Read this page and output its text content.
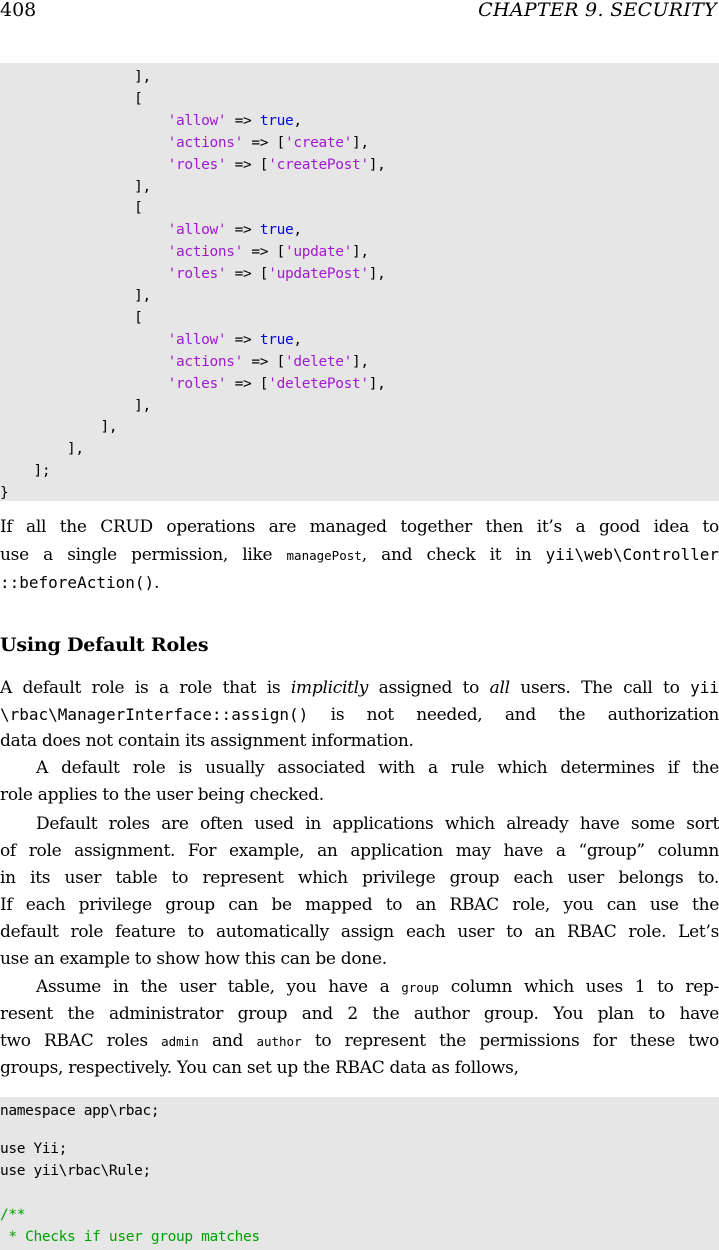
408	CHAPTER 9. SECURITY
],
[
'allow' => true,
'actions' => ['create'],
'roles' => ['createPost'],
],
[
'allow' => true,
'actions' => ['update'],
'roles' => ['updatePost'],
],
[
'allow' => true,
'actions' => ['delete'],
'roles' => ['deletePost'],
],
],
],
];
}
If all the CRUD operations are managed together then it’s a good idea to
use a single permission, like managePost, and check it in yii\web\Controller
::beforeAction().
Using Default Roles
A default role is a role that is implicitly assigned to all users. The call to yii
\rbac\ManagerInterface::assign() is not needed, and the authorization
data does not contain its assignment information.
A default role is usually associated with a rule which determines if the
role applies to the user being checked.
Default roles are often used in applications which already have some sort
of role assignment. For example, an application may have a “group” column
in its user table to represent which privilege group each user belongs to.
If each privilege group can be mapped to an RBAC role, you can use the
default role feature to automatically assign each user to an RBAC role. Let’s
use an example to show how this can be done.
Assume in the user table, you have a group column which uses 1 to rep-
resent the administrator group and 2 the author group. You plan to have
two RBAC roles admin and author to represent the permissions for these two
groups, respectively. You can set up the RBAC data as follows,
namespace app\rbac;
use Yii;
use yii\rbac\Rule;
/**
* Checks if user group matches
